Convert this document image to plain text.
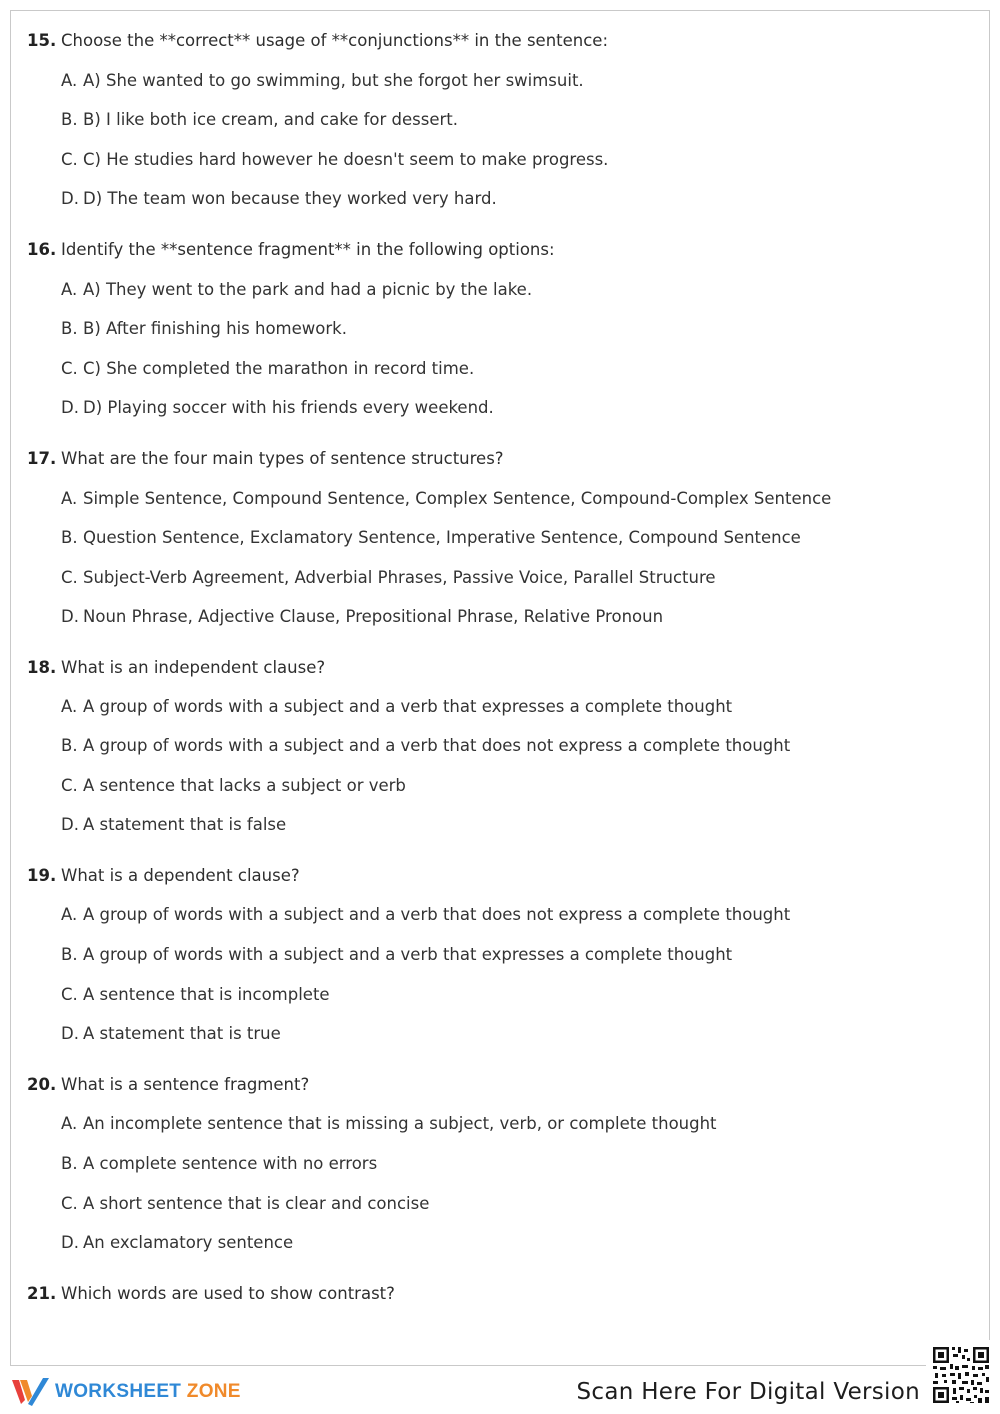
15. Choose the **correct** usage of **conjunctions** in the sentence:
A. A) She wanted to go swimming, but she forgot her swimsuit.
B. B) I like both ice cream, and cake for dessert.
C. C) He studies hard however he doesn't seem to make progress.
D. D) The team won because they worked very hard.
16. Identify the **sentence fragment** in the following options:
A. A) They went to the park and had a picnic by the lake.
B. B) After finishing his homework.
C. C) She completed the marathon in record time.
D. D) Playing soccer with his friends every weekend.
17. What are the four main types of sentence structures?
A. Simple Sentence, Compound Sentence, Complex Sentence, Compound-Complex Sentence
B. Question Sentence, Exclamatory Sentence, Imperative Sentence, Compound Sentence
C. Subject-Verb Agreement, Adverbial Phrases, Passive Voice, Parallel Structure
D. Noun Phrase, Adjective Clause, Prepositional Phrase, Relative Pronoun
18. What is an independent clause?
A. A group of words with a subject and a verb that expresses a complete thought
B. A group of words with a subject and a verb that does not express a complete thought
C. A sentence that lacks a subject or verb
D. A statement that is false
19. What is a dependent clause?
A. A group of words with a subject and a verb that does not express a complete thought
B. A group of words with a subject and a verb that expresses a complete thought
C. A sentence that is incomplete
D. A statement that is true
20. What is a sentence fragment?
A. An incomplete sentence that is missing a subject, verb, or complete thought
B. A complete sentence with no errors
C. A short sentence that is clear and concise
D. An exclamatory sentence
21. Which words are used to show contrast?
WORKSHEET ZONE	Scan Here For Digital Version
